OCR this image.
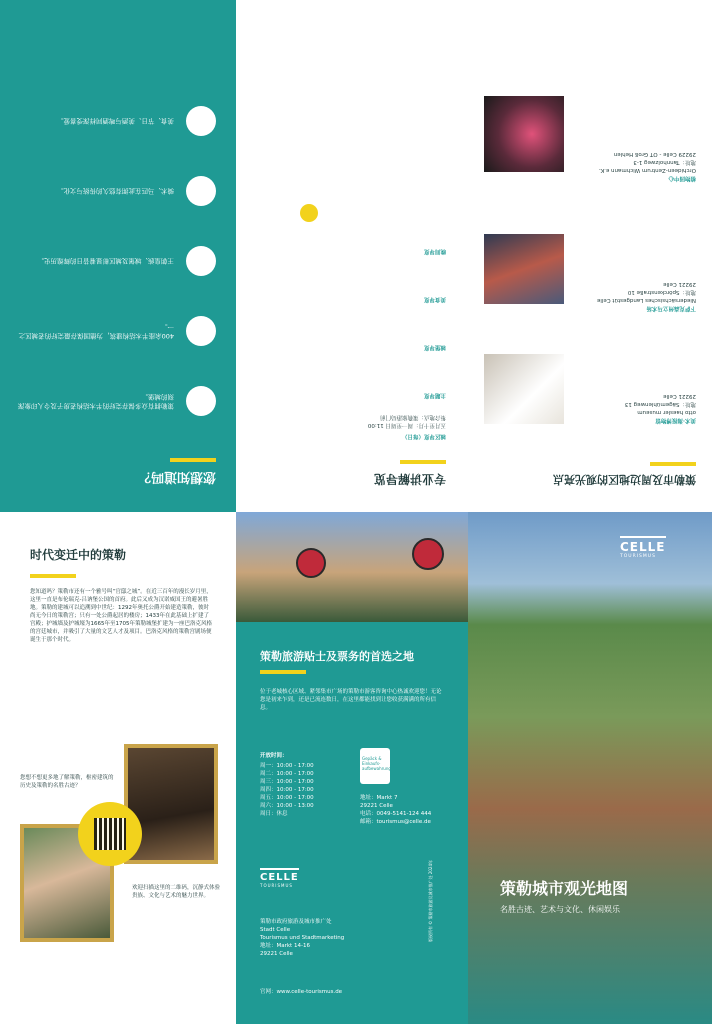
您想知道吗？
策勒拥有众多保存完好的半木结构老房子及令人印象深刻的城堡。
400余座半木结构建筑，为德国保存最完好的老城区之一。
王朝皇族、城堡及城区彰显着昔日的辉煌历史。
骑术、马匹在此拥有悠久的传统与文化。
美食、节日、美酒与啤酒同样深受喜爱。
专业讲解导览
城区导览（每日）
五月至十月：周一至周日 11:00
集合地点：策勒旅游局门前
主题导览
城堡导览
美食导览
晚间导览
策勒市及周边地区的观光亮点
美术·海报博物馆
otto haesler museum
地址：Sägemühlenweg 13
29221 Celle
下萨克森州立马术场
Niedersächsisches Landgestüt Celle
地址：Spörckenstraße 10
29221 Celle
植物园中心
Orchideen-Zentrum Wichmann e.K.
地址：Tannholzweg 1-3
29229 Celle - OT Groß Hehlen
时代变迁中的策勒
您知道吗？策勒市还有一个雅号叫“官邸之城”。在近三百年的漫长岁月里，这里一直是布伦瑞克-吕讷堡公国的首府。此后又成为汉诺威国王的避暑胜地。策勒的建城可以追溯到中世纪：1292年奥托公爵开始建造策勒，彼时尚无今日的策勒宫；只有一处公爵起居的楼房；1433年在此基础上扩建了宫殿；护城墙及护城壕为1665年至1705年策勒城堡扩建为一座巴洛克风格的宫廷城市，并吸引了大量的文艺人才及项目。巴洛克风格的策勒宫剧场便诞生于那个时代。
您想不想更多地了解策勒，枢密建筑的历史及策勒的名胜古迹？
欢迎扫描这里的二维码，沉静式体验贵族、文化与艺术的魅力世界。
策勒旅游贴士及票务的首选之地
位于老城核心区域、紧邻集市广场的策勒市游客咨询中心热诚欢迎您！无论您是初来乍到，还是已流连数日，在这里都能找到让您收获满满的所有信息。
开放时间：
周一：10:00 - 17:00
周二：10:00 - 17:00
周三：10:00 - 17:00
周四：10:00 - 17:00
周五：10:00 - 17:00
周六：10:00 - 13:00
周日：休息
Gepäck & Einkaufs-aufbewahrung
地址：Markt 7
29221 Celle
电话：0049-5141-124 444
邮箱：tourismus@celle.de
CELLE
TOURISMUS
策勒市政府旅游及城市推广处
Stadt Celle
Tourismus und Stadtmarketing
地址：Markt 14-16
29221 Celle
官网：www.celle-tourismus.de
CELLE
TOURISMUS
策勒城市观光地图
名胜古迹、艺术与文化、休闲娱乐
版权所有 © 策勒市旅游及城市推广处 2024年
